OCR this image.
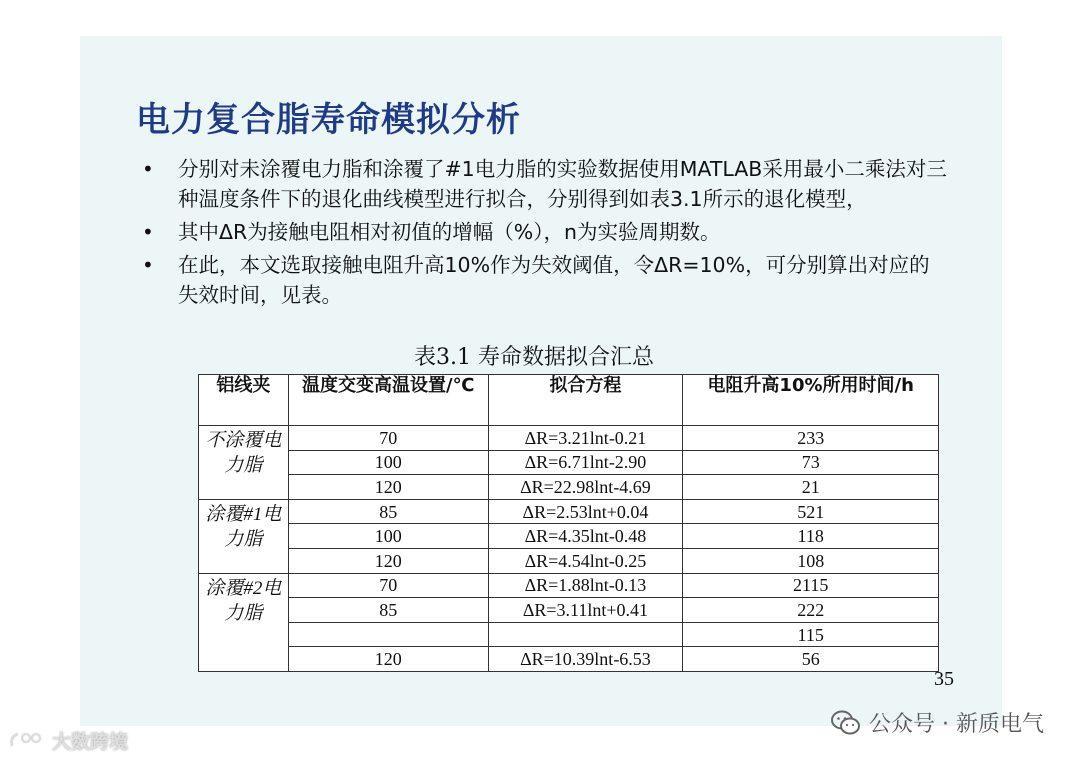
电力复合脂寿命模拟分析
• 分别对未涂覆电力脂和涂覆了#1电力脂的实验数据使用MATLAB采用最小二乘法对三种温度条件下的退化曲线模型进行拟合，分别得到如表3.1所示的退化模型，
• 其中ΔR为接触电阻相对初值的增幅（%），n为实验周期数。
• 在此，本文选取接触电阻升高10%作为失效阈值，令ΔR=10%，可分别算出对应的失效时间，见表。
表3.1 寿命数据拟合汇总
铝线夹	温度交变高温设置/℃	拟合方程	电阻升高10%所用时间/h
不涂覆电力脂	70	ΔR=3.21lnt-0.21	233
	100	ΔR=6.71lnt-2.90	73
	120	ΔR=22.98lnt-4.69	21
涂覆#1电力脂	85	ΔR=2.53lnt+0.04	521
	100	ΔR=4.35lnt-0.48	118
	120	ΔR=4.54lnt-0.25	108
涂覆#2电力脂	70	ΔR=1.88lnt-0.13	2115
	85	ΔR=3.11lnt+0.41	222
			115
	120	ΔR=10.39lnt-6.53	56
35
公众号 · 新质电气
大数跨境
